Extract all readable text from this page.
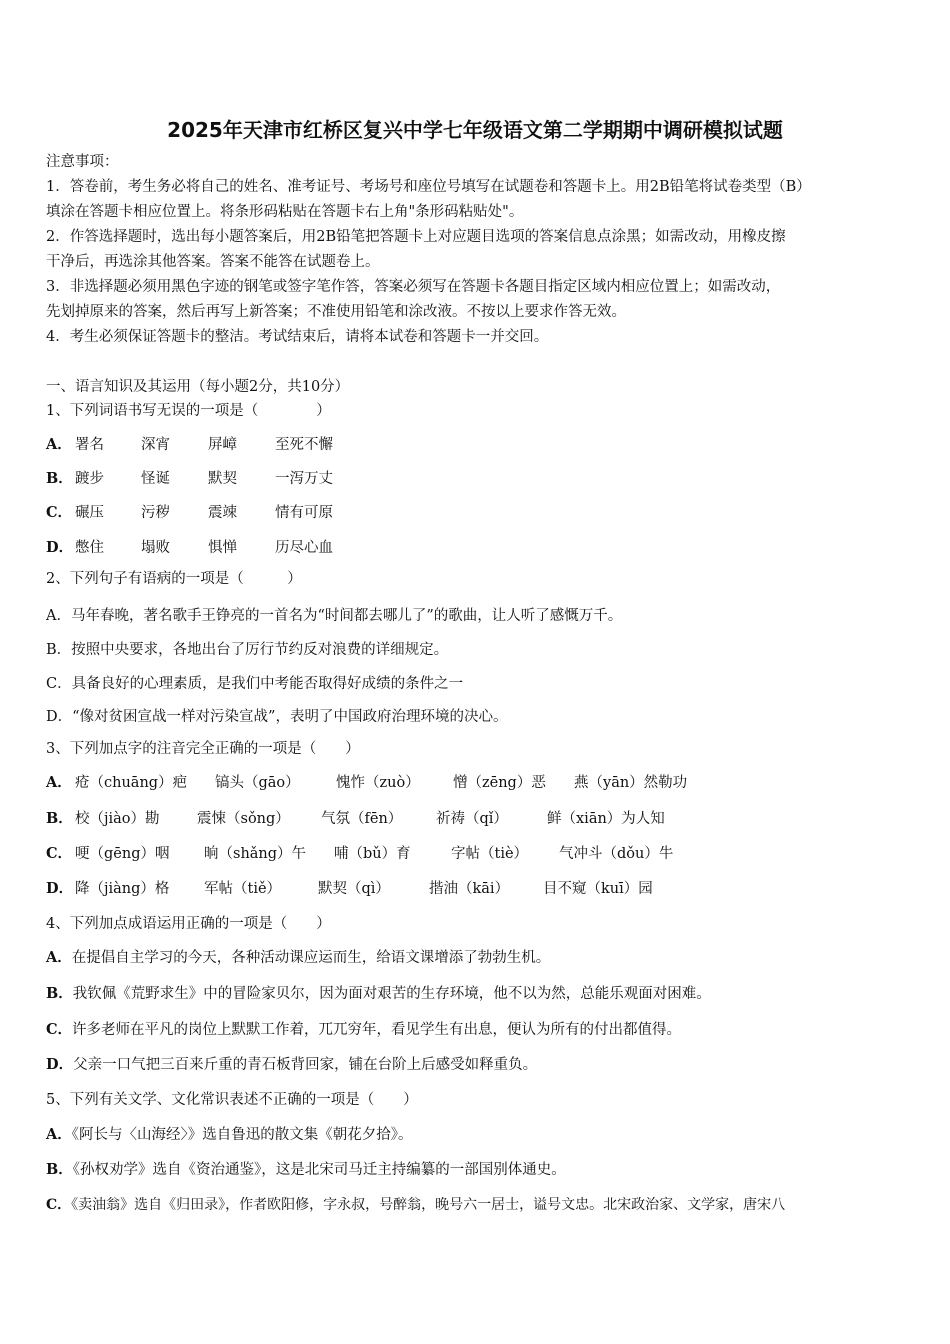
2025年天津市红桥区复兴中学七年级语文第二学期期中调研模拟试题
注意事项：
1．答卷前，考生务必将自己的姓名、准考证号、考场号和座位号填写在试题卷和答题卡上。用2B铅笔将试卷类型（B）
填涂在答题卡相应位置上。将条形码粘贴在答题卡右上角"条形码粘贴处"。
2．作答选择题时，选出每小题答案后，用2B铅笔把答题卡上对应题目选项的答案信息点涂黑；如需改动，用橡皮擦
干净后，再选涂其他答案。答案不能答在试题卷上。
3．非选择题必须用黑色字迹的钢笔或签字笔作答，答案必须写在答题卡各题目指定区域内相应位置上；如需改动，
先划掉原来的答案，然后再写上新答案；不准使用铅笔和涂改液。不按以上要求作答无效。
4．考生必须保证答题卡的整洁。考试结束后，请将本试卷和答题卡一并交回。
一、语言知识及其运用（每小题2分，共10分）
1、下列词语书写无误的一项是（　　　　）
A． 署名	深宵	屏嶂	至死不懈
B． 踱步	怪诞	默契	一泻万丈
C． 碾压	污秽	震竦	情有可原
D． 憋住	塌败	惧惮	历尽心血
2、下列句子有语病的一项是（　　　）
A．马年春晚，著名歌手王铮亮的一首名为“时间都去哪儿了”的歌曲，让人听了感慨万千。
B．按照中央要求，各地出台了厉行节约反对浪费的详细规定。
C．具备良好的心理素质，是我们中考能否取得好成绩的条件之一
D．“像对贫困宣战一样对污染宣战”，表明了中国政府治理环境的决心。
3、下列加点字的注音完全正确的一项是（　　）
A． 疮（chuāng）疤 镐头（gāo）	愧怍（zuò） 憎（zēng）恶 燕（yān）然勒功
B． 校（jiào）勘	震悚（sǒng） 气氛（fēn） 祈祷（qǐ）	鲜（xiān）为人知
C． 哽（gēng）咽 晌（shǎng）午 哺（bǔ）育	字帖（tiè） 气冲斗（dǒu）牛
D． 降（jiàng）格 军帖（tiě）	默契（qì）	揩油（kāi） 目不窥（kuī）园
4、下列加点成语运用正确的一项是（　　）
A．在提倡自主学习的今天，各种活动课应运而生，给语文课增添了勃勃生机。
B．我钦佩《荒野求生》中的冒险家贝尔，因为面对艰苦的生存环境，他不以为然，总能乐观面对困难。
C．许多老师在平凡的岗位上默默工作着，兀兀穷年，看见学生有出息，便认为所有的付出都值得。
D．父亲一口气把三百来斤重的青石板背回家，铺在台阶上后感受如释重负。
5、下列有关文学、文化常识表述不正确的一项是（　　）
A．《阿长与〈山海经〉》选自鲁迅的散文集《朝花夕拾》。
B．《孙权劝学》选自《资治通鉴》，这是北宋司马迁主持编纂的一部国别体通史。
C．《卖油翁》选自《归田录》，作者欧阳修，字永叔，号醉翁，晚号六一居士，谥号文忠。北宋政治家、文学家，唐宋八
